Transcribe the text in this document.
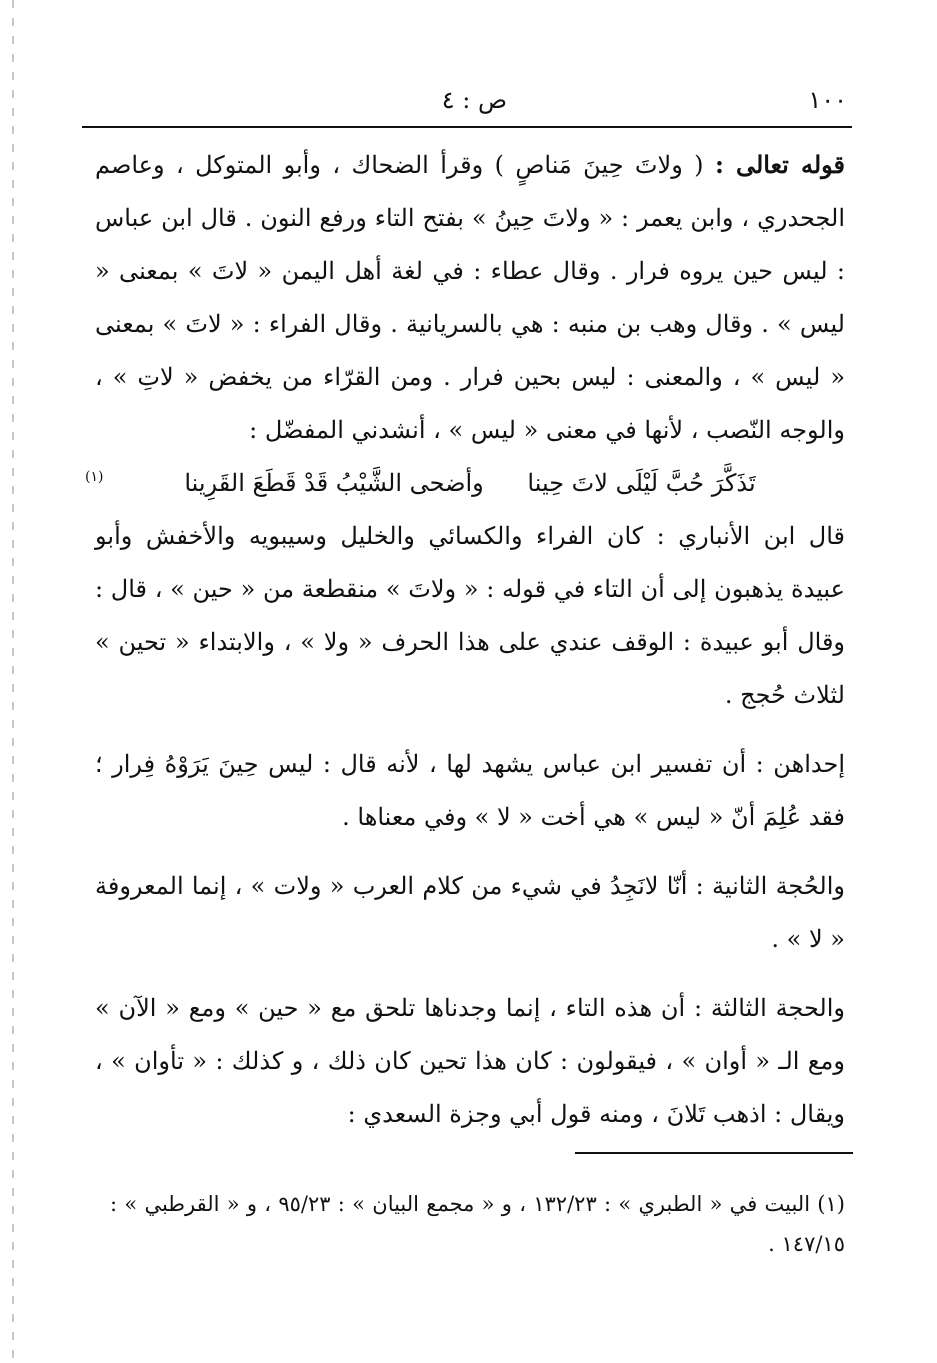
١٠٠
ص : ٤

قوله تعالى : ( ولاتَ حِينَ مَناصٍ ) وقرأ الضحاك ، وأبو المتوكل ، وعاصم الجحدري ، وابن يعمر : « ولاتَ حِينُ » بفتح التاء ورفع النون . قال ابن عباس : ليس حين يروه فرار . وقال عطاء : في لغة أهل اليمن « لاتَ » بمعنى « ليس » . وقال وهب بن منبه : هي بالسريانية . وقال الفراء : « لاتَ » بمعنى « ليس » ، والمعنى : ليس بحين فرار . ومن القرّاء من يخفض « لاتِ » ، والوجه النّصب ، لأنها في معنى « ليس » ، أنشدني المفضّل :

تَذَكَّرَ حُبَّ لَيْلَى لاتَ حِينا وأضحى الشَّيْبُ قَدْ قَطَعَ القَرِينا
(١)

قال ابن الأنباري : كان الفراء والكسائي والخليل وسيبويه والأخفش وأبو عبيدة يذهبون إلى أن التاء في قوله : « ولاتَ » منقطعة من « حين » ، قال : وقال أبو عبيدة : الوقف عندي على هذا الحرف « ولا » ، والابتداء « تحين » لثلاث حُجج .

إحداهن : أن تفسير ابن عباس يشهد لها ، لأنه قال : ليس حِينَ يَرَوْهُ فِرار ؛ فقد عُلِمَ أنّ « ليس » هي أخت « لا » وفي معناها .

والحُجة الثانية : أنّا لانَجِدُ في شيء من كلام العرب « ولات » ، إنما المعروفة « لا » .

والحجة الثالثة : أن هذه التاء ، إنما وجدناها تلحق مع « حين » ومع « الآن » ومع الـ « أوان » ، فيقولون : كان هذا تحين كان ذلك ، و كذلك : « تأوان » ، ويقال : اذهب تَلانَ ، ومنه قول أبي وجزة السعدي :

(١) البيت في « الطبري » : ١٣٢/٢٣ ، و « مجمع البيان » : ٩٥/٢٣ ، و « القرطبي » : ١٤٧/١٥ .
